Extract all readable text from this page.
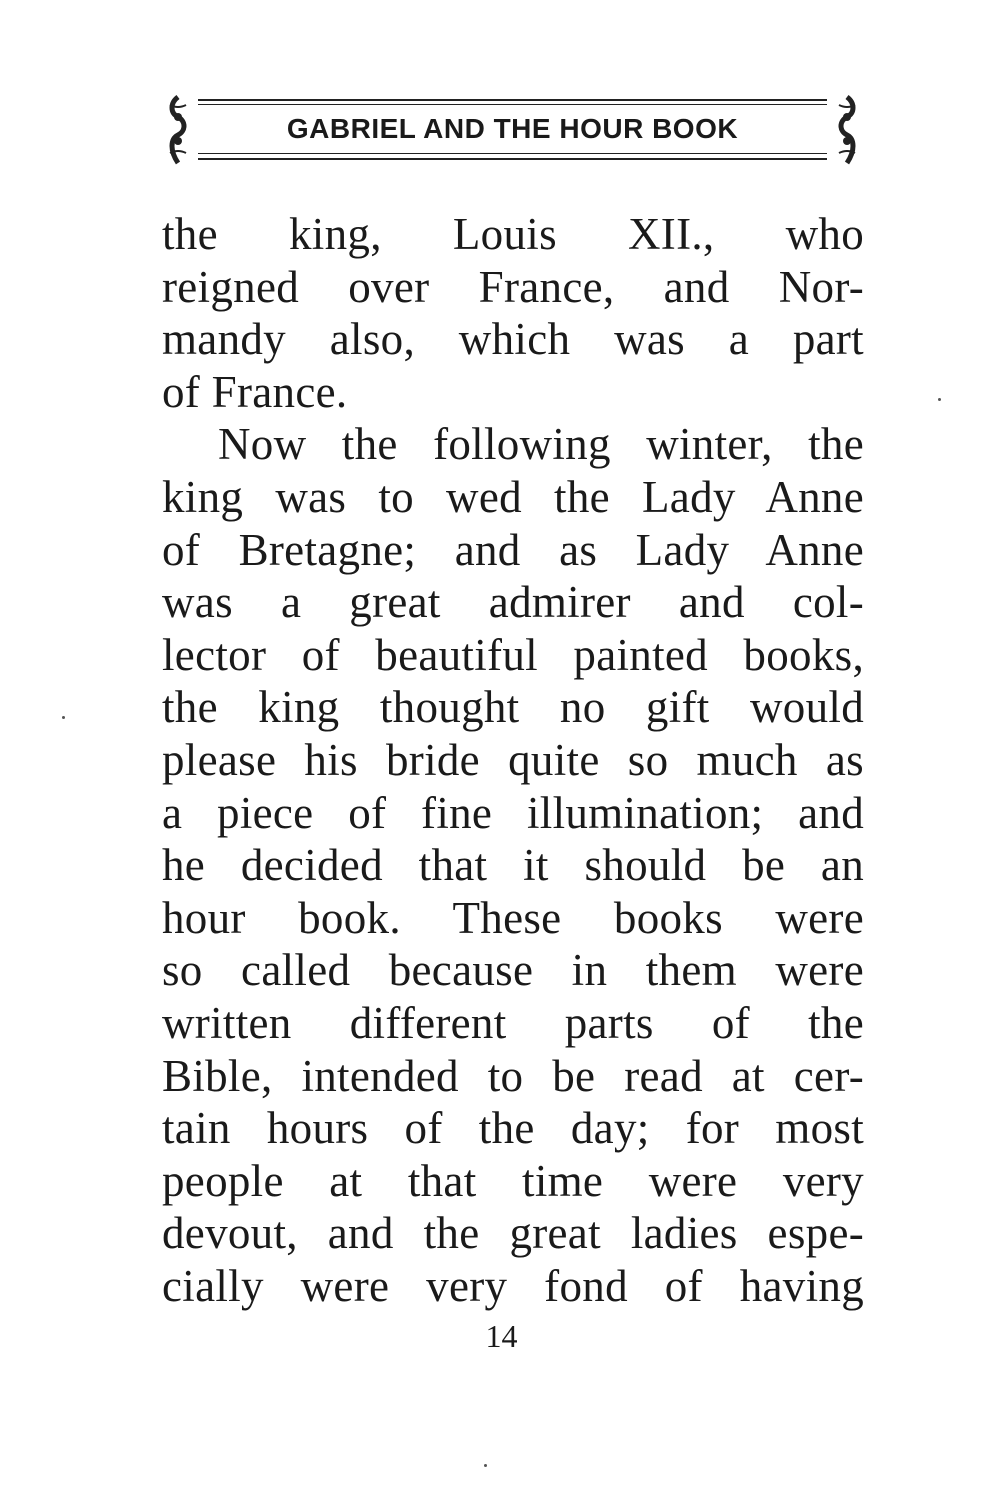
GABRIEL AND THE HOUR BOOK
the king, Louis XII., who
reigned over France, and Nor-
mandy also, which was a part
of France.
Now the following winter, the
king was to wed the Lady Anne
of Bretagne; and as Lady Anne
was a great admirer and col-
lector of beautiful painted books,
the king thought no gift would
please his bride quite so much as
a piece of fine illumination; and
he decided that it should be an
hour book. These books were
so called because in them were
written different parts of the
Bible, intended to be read at cer-
tain hours of the day; for most
people at that time were very
devout, and the great ladies espe-
cially were very fond of having
14
